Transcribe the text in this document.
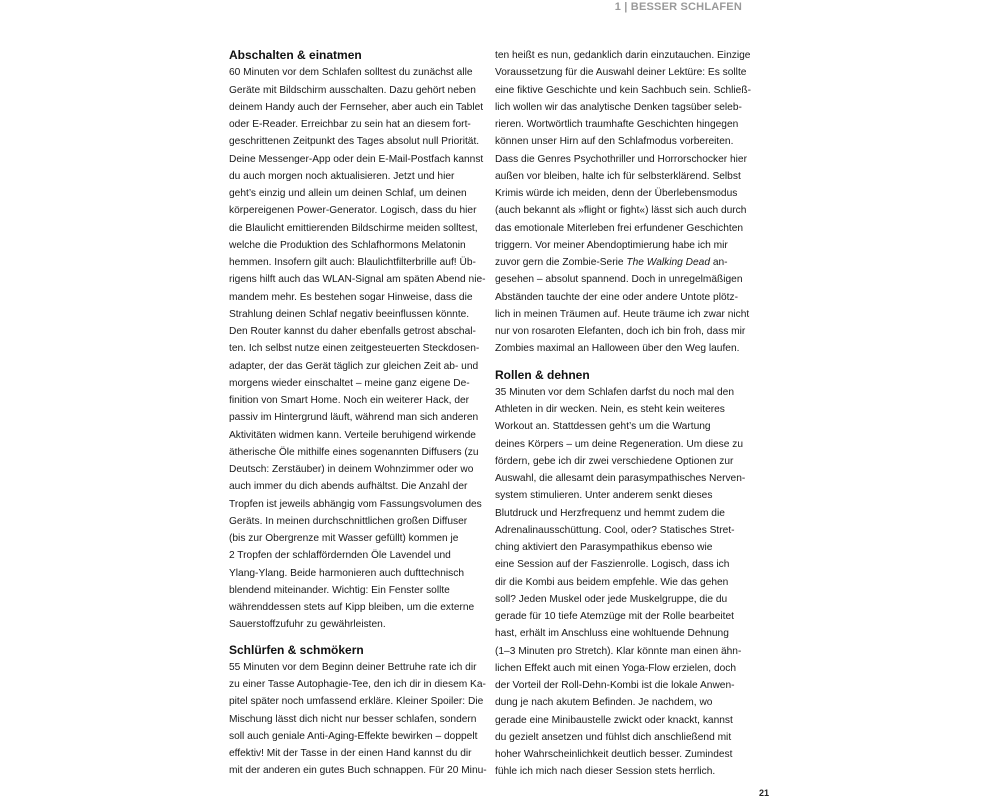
1 | BESSER SCHLAFEN
Abschalten & einatmen
60 Minuten vor dem Schlafen solltest du zunächst alle
Geräte mit Bildschirm ausschalten. Dazu gehört neben
deinem Handy auch der Fernseher, aber auch ein Tablet
oder E-Reader. Erreichbar zu sein hat an diesem fort-
geschrittenen Zeitpunkt des Tages absolut null Priorität.
Deine Messenger-App oder dein E-Mail-Postfach kannst
du auch morgen noch aktualisieren. Jetzt und hier
geht’s einzig und allein um deinen Schlaf, um deinen
körpereigenen Power-Generator. Logisch, dass du hier
die Blaulicht emittierenden Bildschirme meiden solltest,
welche die Produktion des Schlafhormons Melatonin
hemmen. Insofern gilt auch: Blaulichtfilterbrille auf! Üb-
rigens hilft auch das WLAN-Signal am späten Abend nie-
mandem mehr. Es bestehen sogar Hinweise, dass die
Strahlung deinen Schlaf negativ beeinflussen könnte.
Den Router kannst du daher ebenfalls getrost abschal-
ten. Ich selbst nutze einen zeitgesteuerten Steckdosen-
adapter, der das Gerät täglich zur gleichen Zeit ab- und
morgens wieder einschaltet – meine ganz eigene De-
finition von Smart Home. Noch ein weiterer Hack, der
passiv im Hintergrund läuft, während man sich anderen
Aktivitäten widmen kann. Verteile beruhigend wirkende
ätherische Öle mithilfe eines sogenannten Diffusers (zu
Deutsch: Zerstäuber) in deinem Wohnzimmer oder wo
auch immer du dich abends aufhältst. Die Anzahl der
Tropfen ist jeweils abhängig vom Fassungsvolumen des
Geräts. In meinen durchschnittlichen großen Diffuser
(bis zur Obergrenze mit Wasser gefüllt) kommen je
2 Tropfen der schlaffördernden Öle Lavendel und
Ylang-Ylang. Beide harmonieren auch dufttechnisch
blendend miteinander. Wichtig: Ein Fenster sollte
währenddessen stets auf Kipp bleiben, um die externe
Sauerstoffzufuhr zu gewährleisten.
Schlürfen & schmökern
55 Minuten vor dem Beginn deiner Bettruhe rate ich dir
zu einer Tasse Autophagie-Tee, den ich dir in diesem Ka-
pitel später noch umfassend erkläre. Kleiner Spoiler: Die
Mischung lässt dich nicht nur besser schlafen, sondern
soll auch geniale Anti-Aging-Effekte bewirken – doppelt
effektiv! Mit der Tasse in der einen Hand kannst du dir
mit der anderen ein gutes Buch schnappen. Für 20 Minu-
ten heißt es nun, gedanklich darin einzutauchen. Einzige
Voraussetzung für die Auswahl deiner Lektüre: Es sollte
eine fiktive Geschichte und kein Sachbuch sein. Schließ-
lich wollen wir das analytische Denken tagsüber seleb-
rieren. Wortwörtlich traumhafte Geschichten hingegen
können unser Hirn auf den Schlafmodus vorbereiten.
Dass die Genres Psychothriller und Horrorschocker hier
außen vor bleiben, halte ich für selbsterklärend. Selbst
Krimis würde ich meiden, denn der Überlebensmodus
(auch bekannt als »flight or fight«) lässt sich auch durch
das emotionale Miterleben frei erfundener Geschichten
triggern. Vor meiner Abendoptimierung habe ich mir
zuvor gern die Zombie-Serie The Walking Dead an-
gesehen – absolut spannend. Doch in unregelmäßigen
Abständen tauchte der eine oder andere Untote plötz-
lich in meinen Träumen auf. Heute träume ich zwar nicht
nur von rosaroten Elefanten, doch ich bin froh, dass mir
Zombies maximal an Halloween über den Weg laufen.
Rollen & dehnen
35 Minuten vor dem Schlafen darfst du noch mal den
Athleten in dir wecken. Nein, es steht kein weiteres
Workout an. Stattdessen geht’s um die Wartung
deines Körpers – um deine Regeneration. Um diese zu
fördern, gebe ich dir zwei verschiedene Optionen zur
Auswahl, die allesamt dein parasympathisches Nerven-
system stimulieren. Unter anderem senkt dieses
Blutdruck und Herzfrequenz und hemmt zudem die
Adrenalinausschüttung. Cool, oder? Statisches Stret-
ching aktiviert den Parasympathikus ebenso wie
eine Session auf der Faszienrolle. Logisch, dass ich
dir die Kombi aus beidem empfehle. Wie das gehen
soll? Jeden Muskel oder jede Muskelgruppe, die du
gerade für 10 tiefe Atemzüge mit der Rolle bearbeitet
hast, erhält im Anschluss eine wohltuende Dehnung
(1–3 Minuten pro Stretch). Klar könnte man einen ähn-
lichen Effekt auch mit einen Yoga-Flow erzielen, doch
der Vorteil der Roll-Dehn-Kombi ist die lokale Anwen-
dung je nach akutem Befinden. Je nachdem, wo
gerade eine Minibaustelle zwickt oder knackt, kannst
du gezielt ansetzen und fühlst dich anschließend mit
hoher Wahrscheinlichkeit deutlich besser. Zumindest
fühle ich mich nach dieser Session stets herrlich.
21
